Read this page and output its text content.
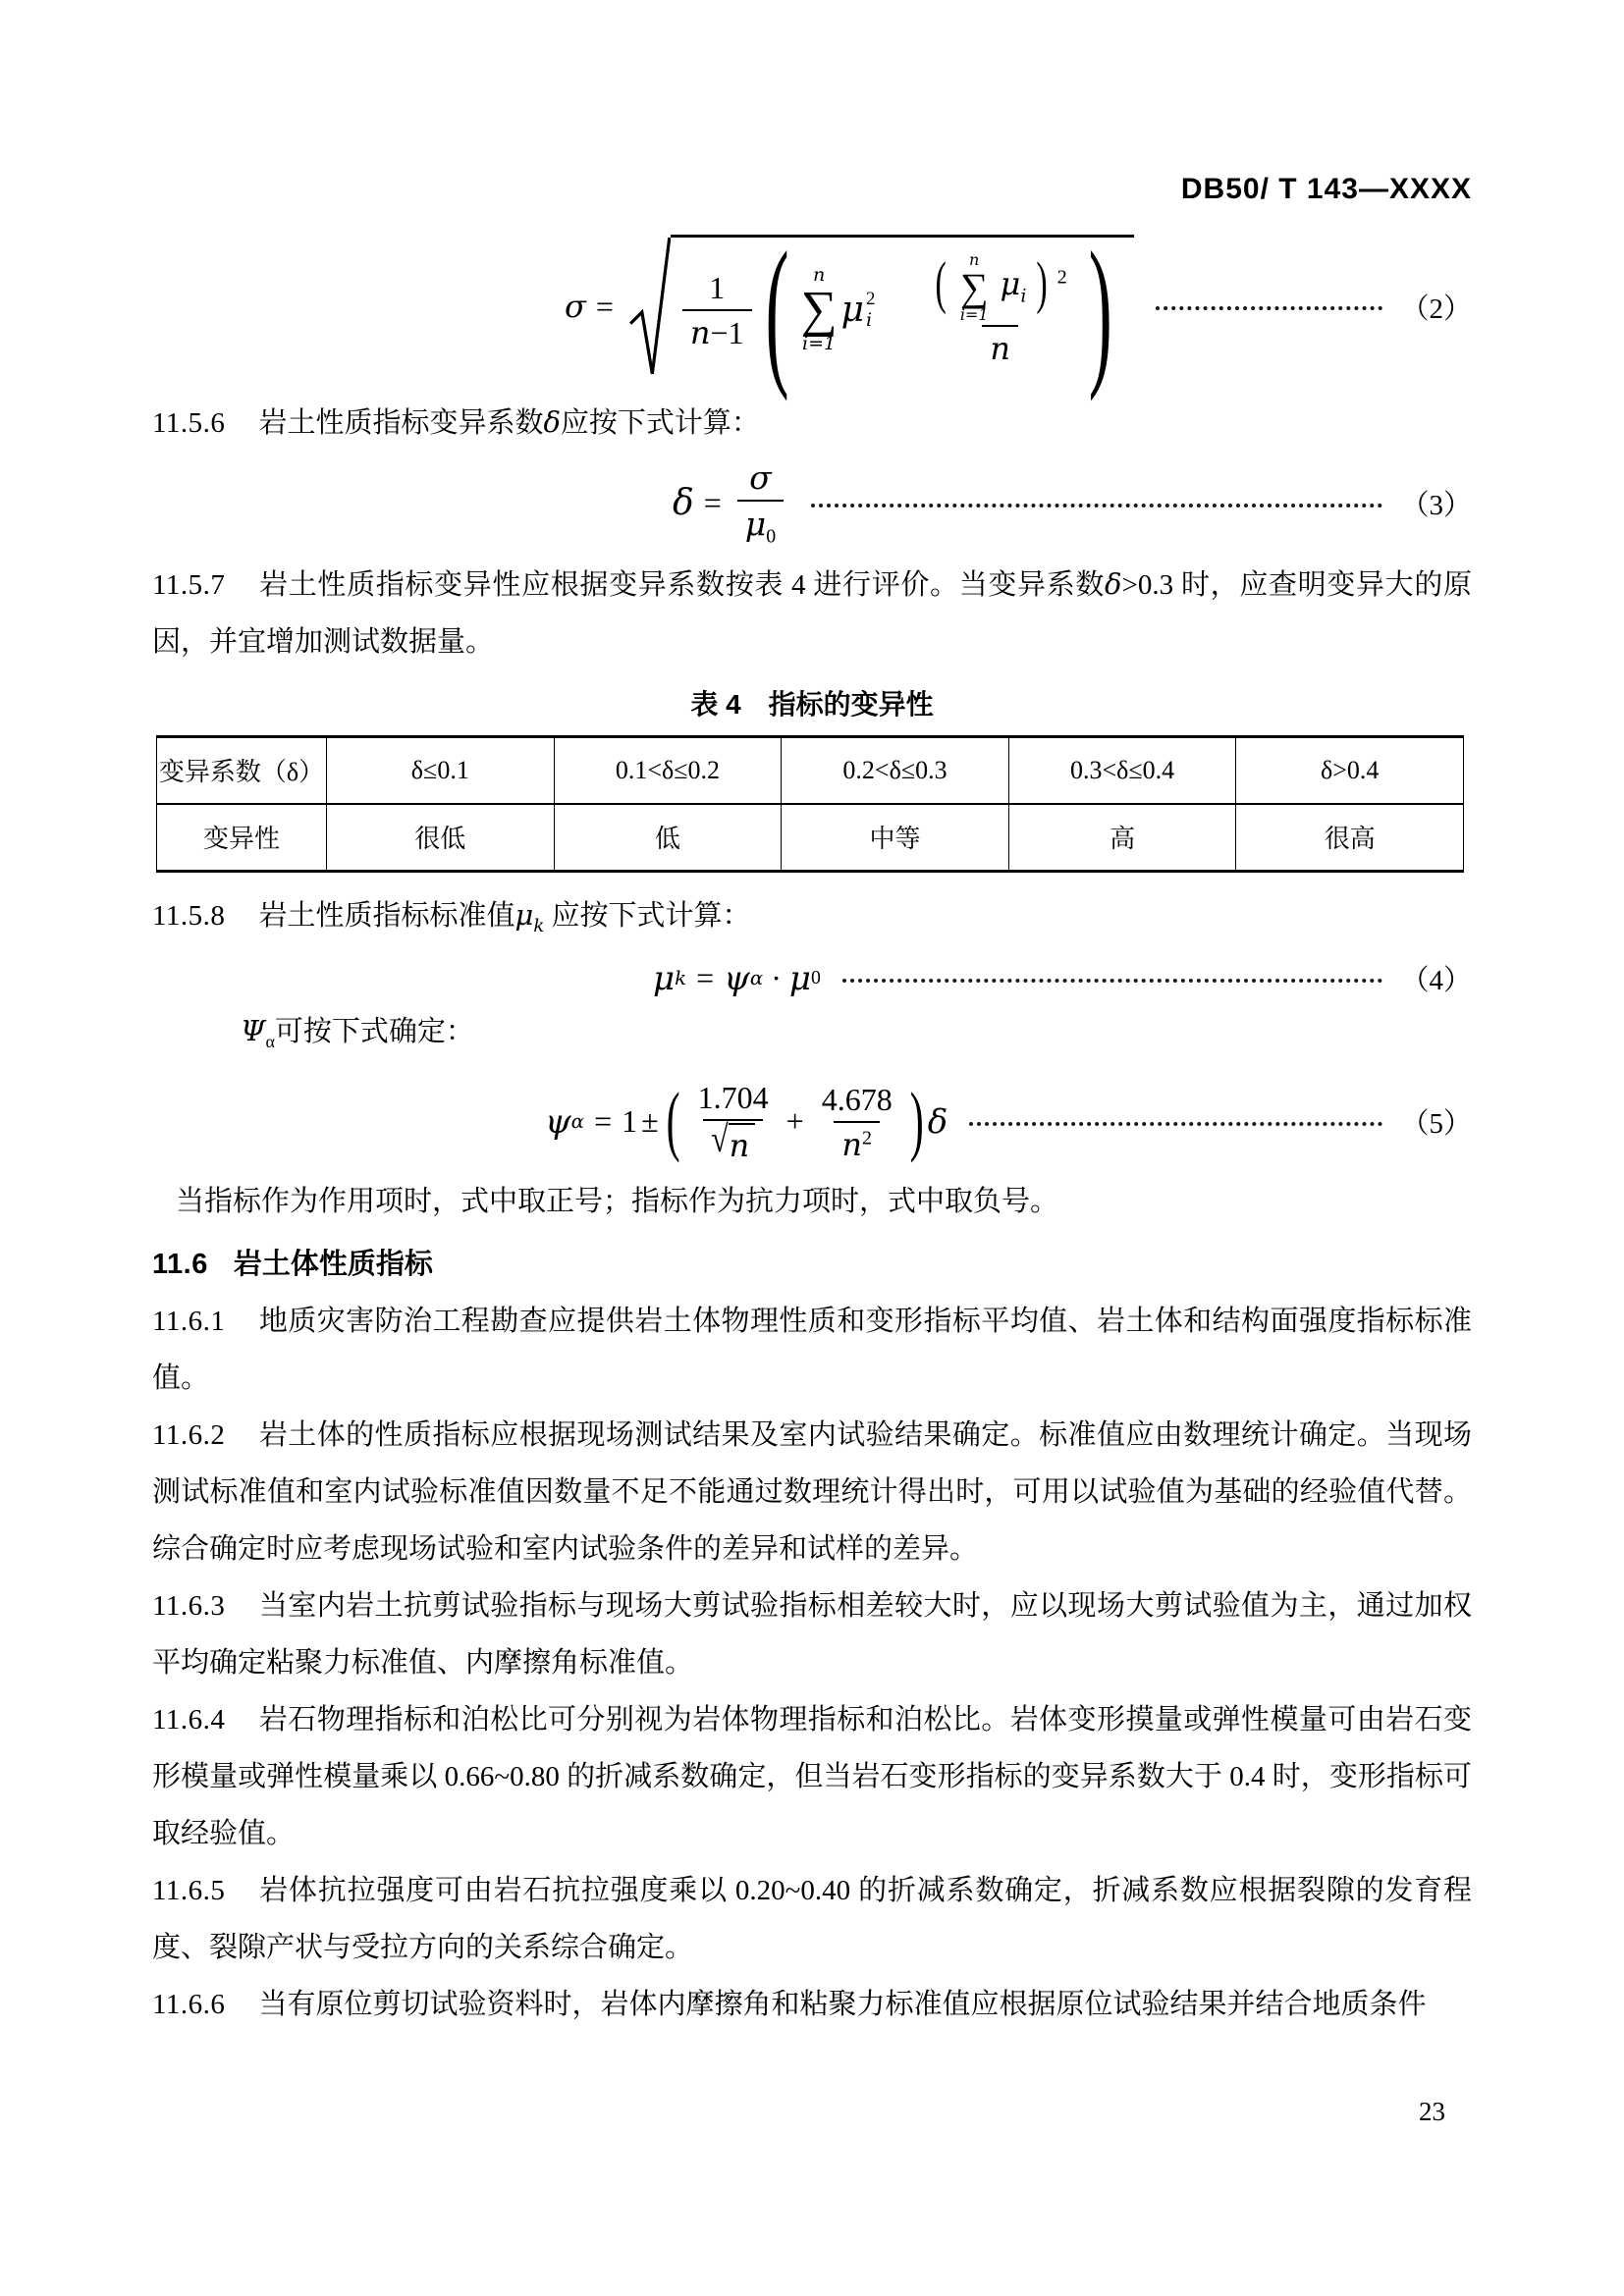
DB50/ T 143—XXXX
$\sigma = \frac{1}{n-1}$ ( n
∑
i=1
μ 2
i
( n
∑
i=1
$\mu_i$ ) $^2$
n )	（2）

11.5.6 岩土性质指标变异系数δ应按下式计算：

$\delta = \frac{\sigma}{\mu_0}$	（3）

11.5.7 岩土性质指标变异性应根据变异系数按表 4 进行评价。当变异系数δ>0.3 时，应查明变异大的原因，并宜增加测试数据量。

表 4　指标的变异性
变异系数（δ）	δ≤0.1	0.1<δ≤0.2	0.2<δ≤0.3	0.3<δ≤0.4	δ>0.4
变异性	很低	低	中等	高	很高

11.5.8 岩土性质指标标准值$\mu_k$ 应按下式计算：

μ k = ψ α · μ 0	（4）

$\Psi_\alpha$可按下式确定：

ψ α = 1 ± ( $\frac{1.704}{√ n} + \frac{4.678}{n^2}$ ) δ	（5）

当指标作为作用项时，式中取正号；指标作为抗力项时，式中取负号。

11.6 岩土体性质指标

11.6.1 地质灾害防治工程勘查应提供岩土体物理性质和变形指标平均值、岩土体和结构面强度指标标准值。

11.6.2 岩土体的性质指标应根据现场测试结果及室内试验结果确定。标准值应由数理统计确定。当现场测试标准值和室内试验标准值因数量不足不能通过数理统计得出时，可用以试验值为基础的经验值代替。综合确定时应考虑现场试验和室内试验条件的差异和试样的差异。

11.6.3 当室内岩土抗剪试验指标与现场大剪试验指标相差较大时，应以现场大剪试验值为主，通过加权平均确定粘聚力标准值、内摩擦角标准值。

11.6.4 岩石物理指标和泊松比可分别视为岩体物理指标和泊松比。岩体变形摸量或弹性模量可由岩石变形模量或弹性模量乘以 0.66~0.80 的折减系数确定，但当岩石变形指标的变异系数大于 0.4 时，变形指标可取经验值。

11.6.5 岩体抗拉强度可由岩石抗拉强度乘以 0.20~0.40 的折减系数确定，折减系数应根据裂隙的发育程度、裂隙产状与受拉方向的关系综合确定。

11.6.6 当有原位剪切试验资料时，岩体内摩擦角和粘聚力标准值应根据原位试验结果并结合地质条件

23
